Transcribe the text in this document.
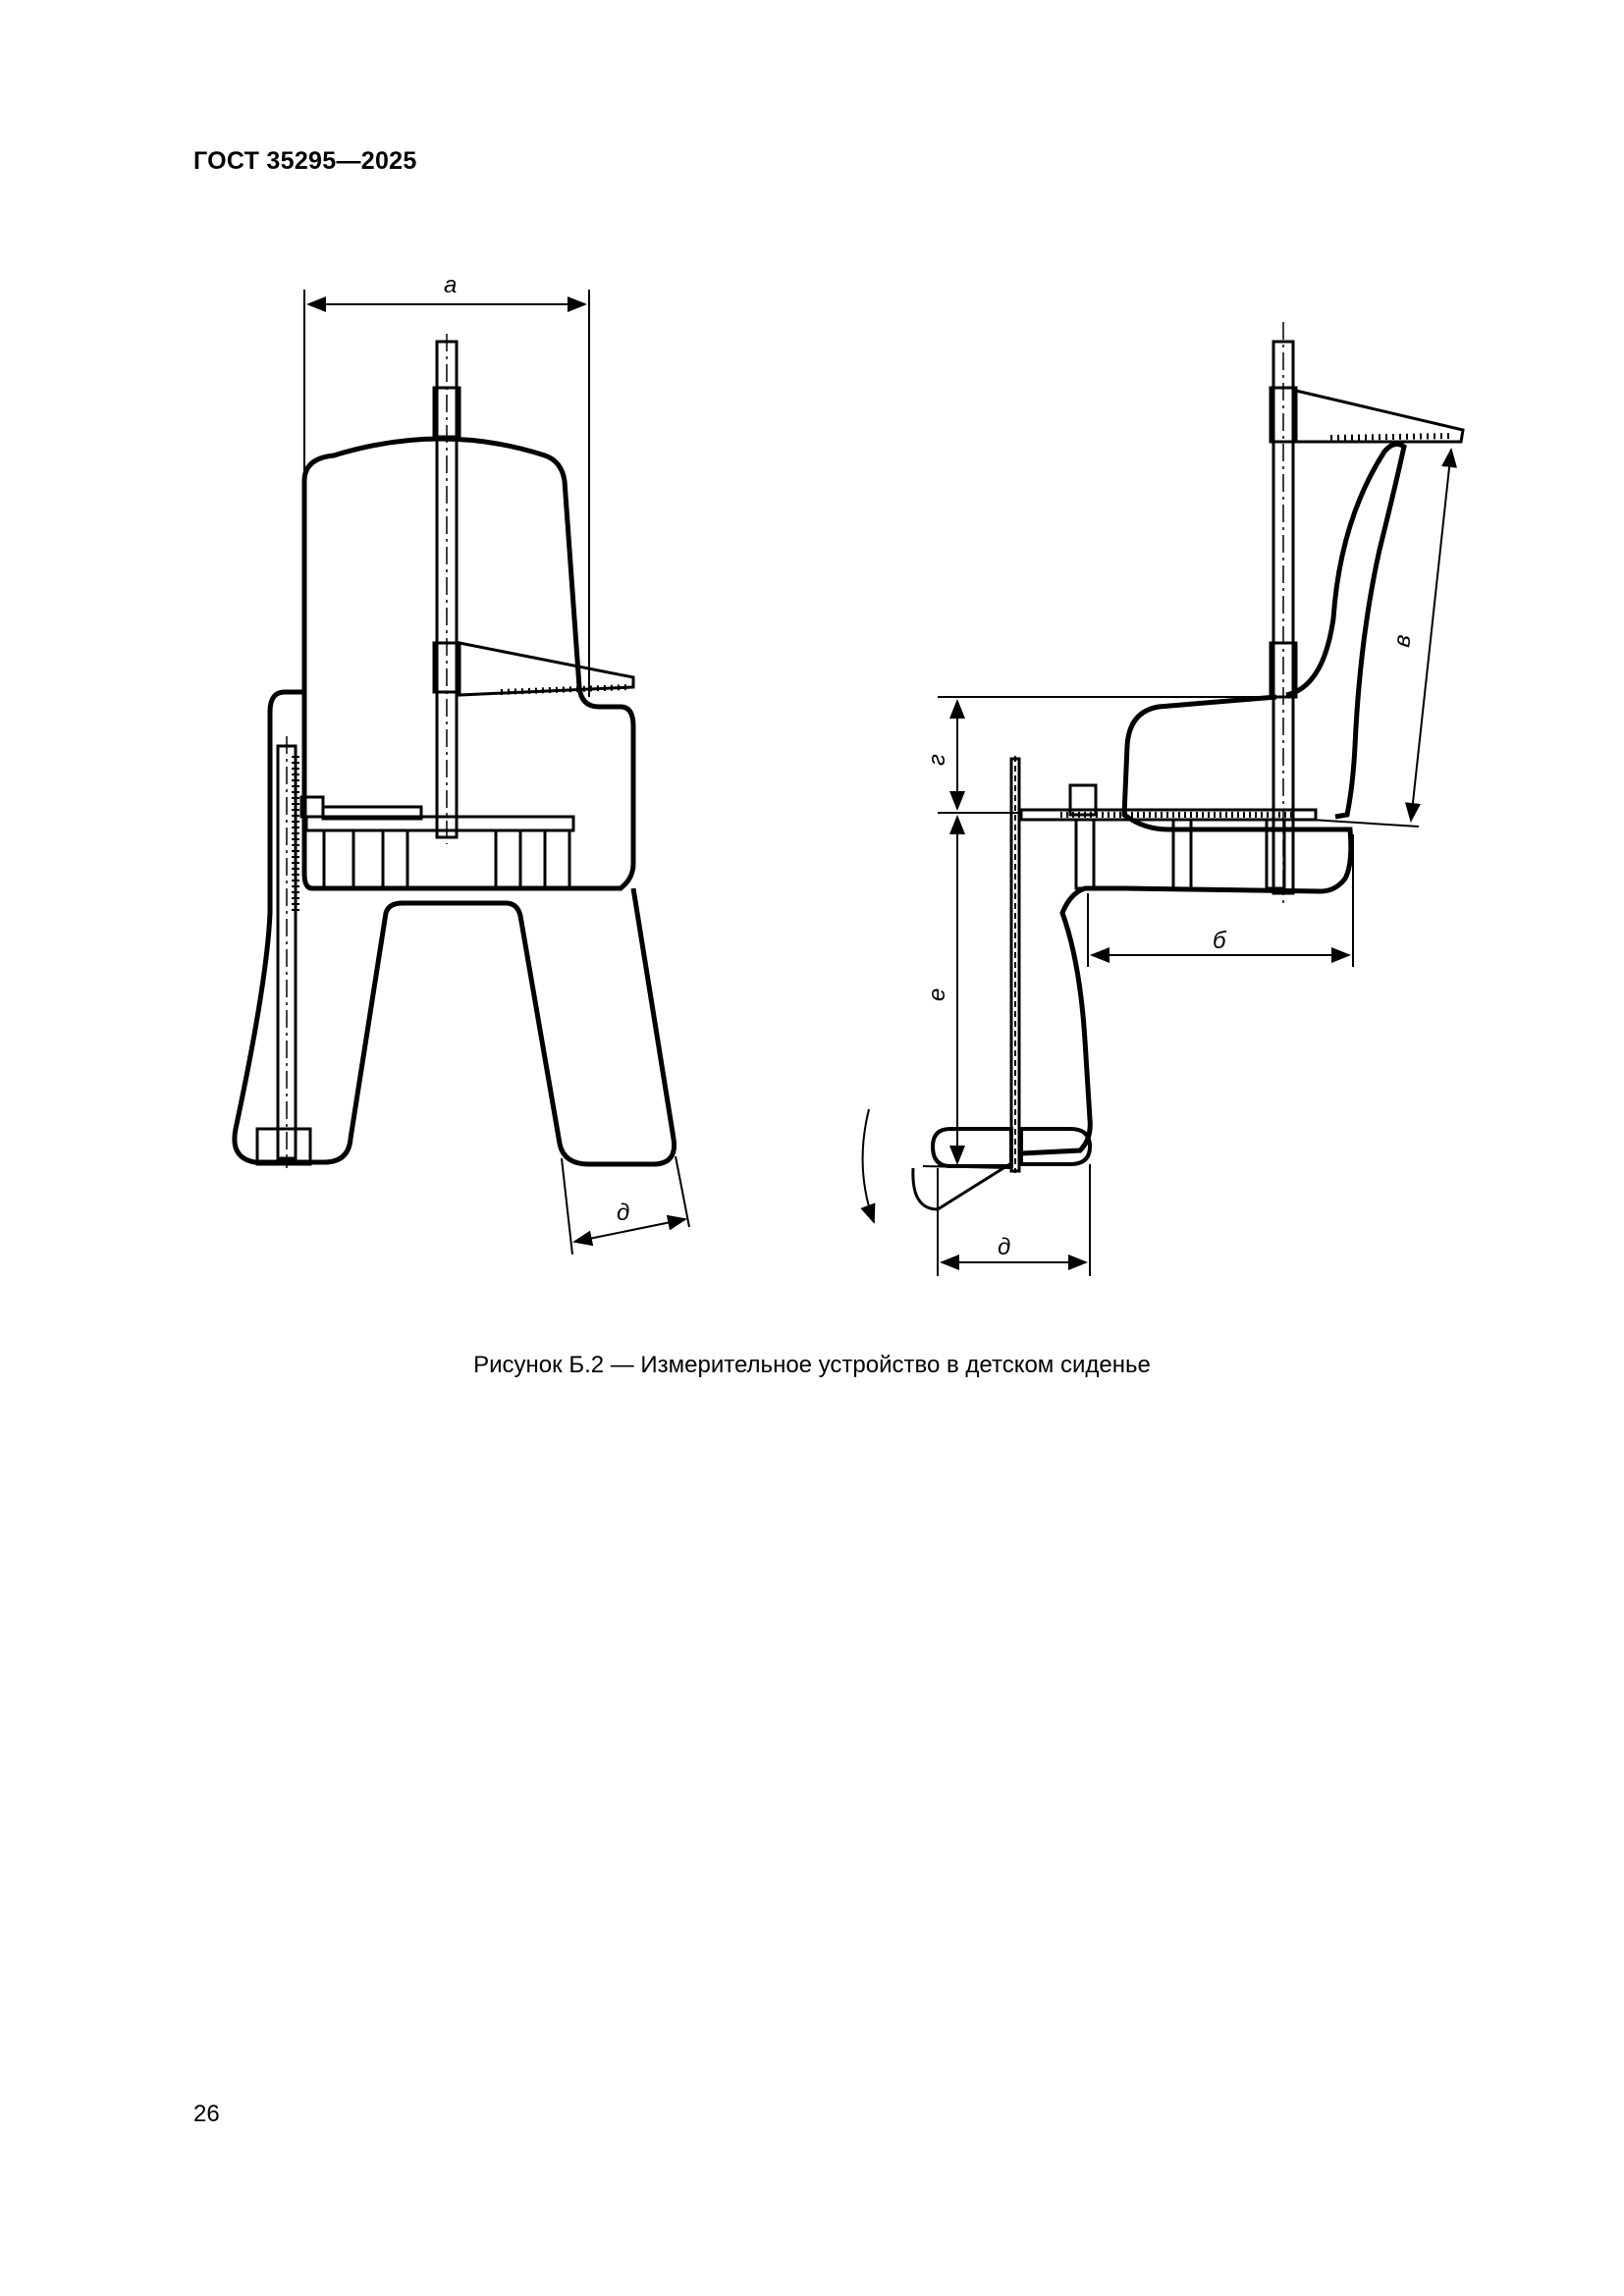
ГОСТ 35295—2025
а
д
г
е
б
в
д
Рисунок Б.2 — Измерительное устройство в детском сиденье
26
